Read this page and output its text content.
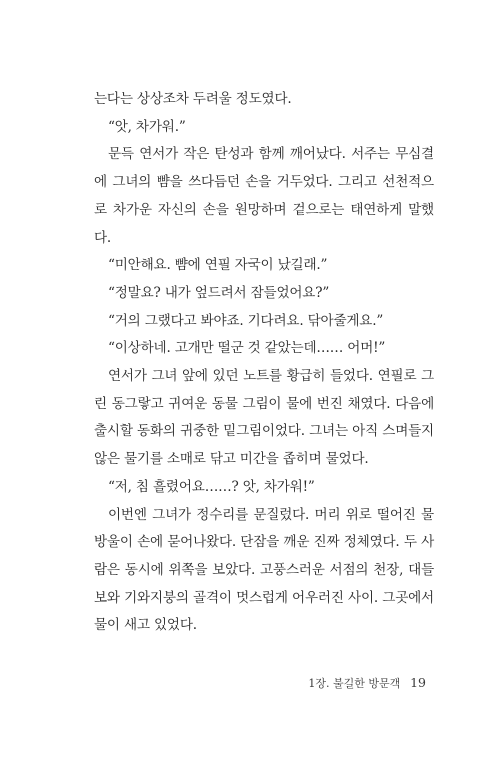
는다는 상상조차 두려울 정도였다.

“앗, 차가워.”

문득 연서가 작은 탄성과 함께 깨어났다. 서주는 무심결에 그녀의 뺨을 쓰다듬던 손을 거두었다. 그리고 선천적으로 차가운 자신의 손을 원망하며 겉으로는 태연하게 말했다.

“미안해요. 뺨에 연필 자국이 났길래.”

“정말요? 내가 엎드려서 잠들었어요?”

“거의 그랬다고 봐야죠. 기다려요. 닦아줄게요.”

“이상하네. 고개만 떨군 것 같았는데…… 어머!”

연서가 그녀 앞에 있던 노트를 황급히 들었다. 연필로 그린 동그랗고 귀여운 동물 그림이 물에 번진 채였다. 다음에 출시할 동화의 귀중한 밑그림이었다. 그녀는 아직 스며들지 않은 물기를 소매로 닦고 미간을 좁히며 물었다.

“저, 침 흘렸어요……? 앗, 차가워!”

이번엔 그녀가 정수리를 문질렀다. 머리 위로 떨어진 물방울이 손에 묻어나왔다. 단잠을 깨운 진짜 정체였다. 두 사람은 동시에 위쪽을 보았다. 고풍스러운 서점의 천장, 대들보와 기와지붕의 골격이 멋스럽게 어우러진 사이. 그곳에서 물이 새고 있었다.

1장. 불길한 방문객 19
